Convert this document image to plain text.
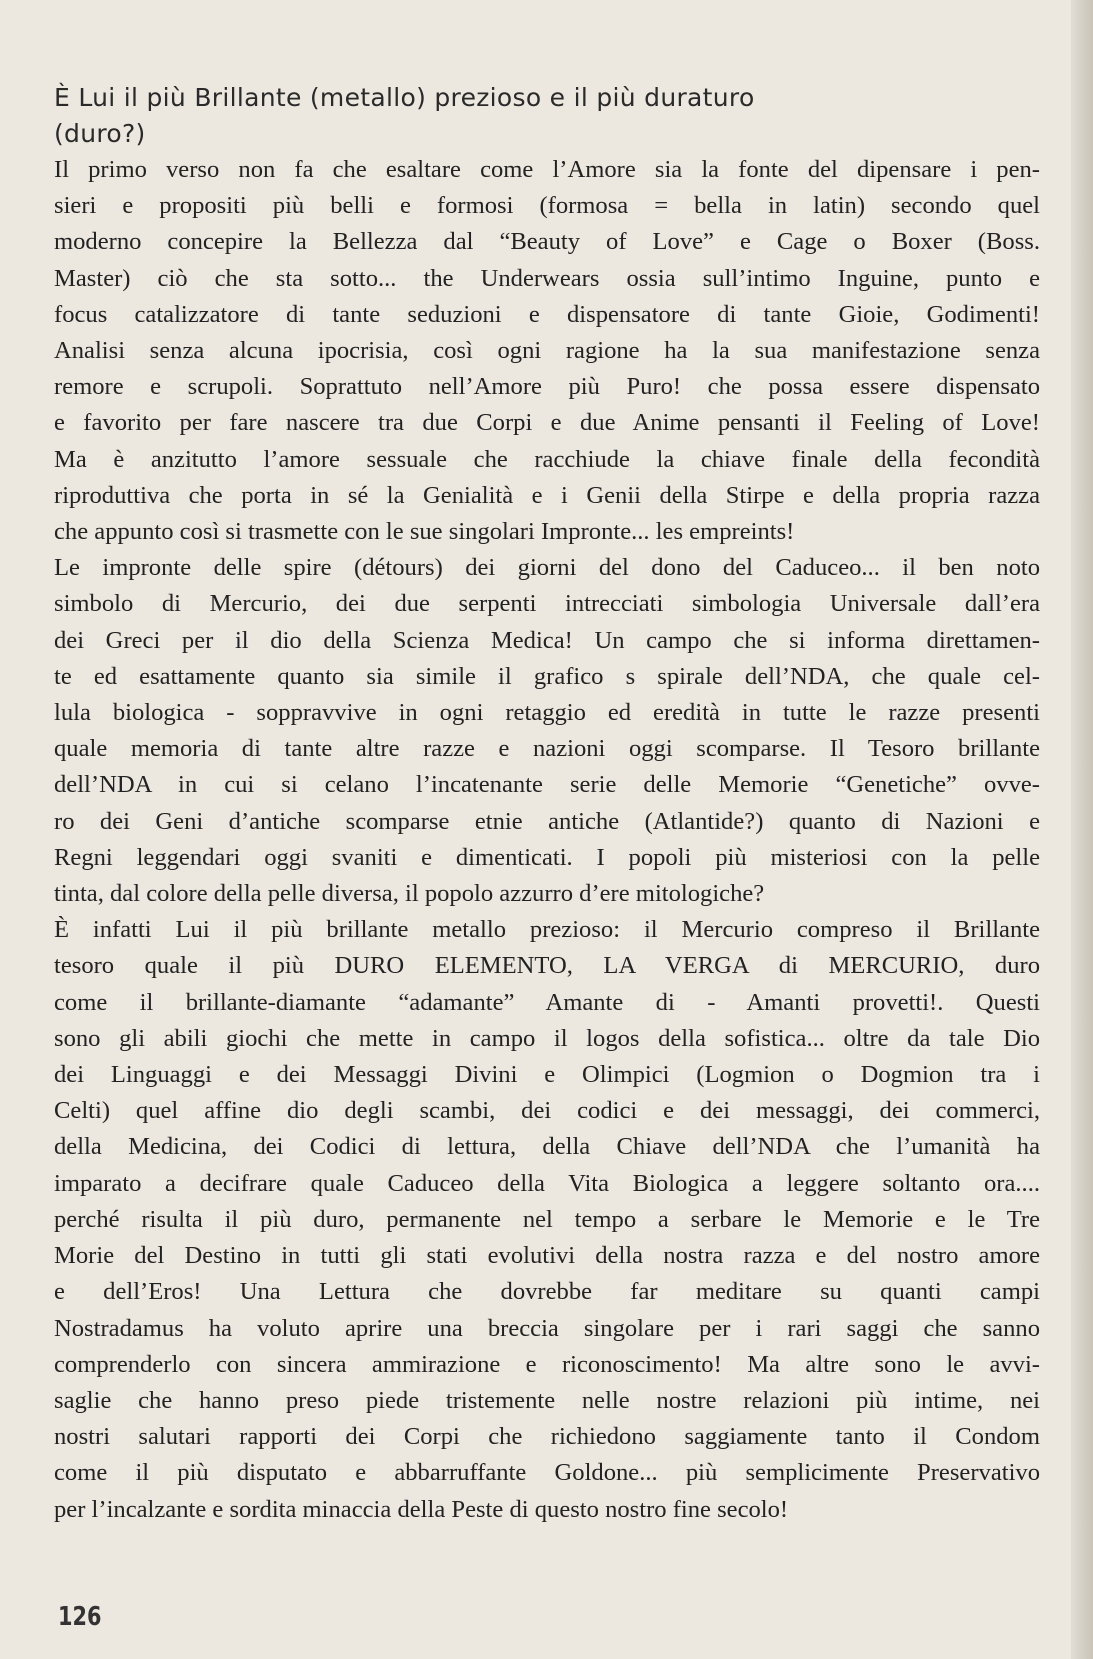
È Lui il più Brillante (metallo) prezioso e il più duraturo
(duro?)
Il primo verso non fa che esaltare come l’Amore sia la fonte del dipensare i pen-
sieri e propositi più belli e formosi (formosa = bella in latin) secondo quel
moderno concepire la Bellezza dal “Beauty of Love” e Cage o Boxer (Boss.
Master) ciò che sta sotto... the Underwears ossia sull’intimo Inguine, punto e
focus catalizzatore di tante seduzioni e dispensatore di tante Gioie, Godimenti!
Analisi senza alcuna ipocrisia, così ogni ragione ha la sua manifestazione senza
remore e scrupoli. Soprattuto nell’Amore più Puro! che possa essere dispensato
e favorito per fare nascere tra due Corpi e due Anime pensanti il Feeling of Love!
Ma è anzitutto l’amore sessuale che racchiude la chiave finale della fecondità
riproduttiva che porta in sé la Genialità e i Genii della Stirpe e della propria razza
che appunto così si trasmette con le sue singolari Impronte... les empreints!
Le impronte delle spire (détours) dei giorni del dono del Caduceo... il ben noto
simbolo di Mercurio, dei due serpenti intrecciati simbologia Universale dall’era
dei Greci per il dio della Scienza Medica! Un campo che si informa direttamen-
te ed esattamente quanto sia simile il grafico s spirale dell’NDA, che quale cel-
lula biologica - soppravvive in ogni retaggio ed eredità in tutte le razze presenti
quale memoria di tante altre razze e nazioni oggi scomparse. Il Tesoro brillante
dell’NDA in cui si celano l’incatenante serie delle Memorie “Genetiche” ovve-
ro dei Geni d’antiche scomparse etnie antiche (Atlantide?) quanto di Nazioni e
Regni leggendari oggi svaniti e dimenticati. I popoli più misteriosi con la pelle
tinta, dal colore della pelle diversa, il popolo azzurro d’ere mitologiche?
È infatti Lui il più brillante metallo prezioso: il Mercurio compreso il Brillante
tesoro quale il più DURO ELEMENTO, LA VERGA di MERCURIO, duro
come il brillante-diamante “adamante” Amante di - Amanti provetti!. Questi
sono gli abili giochi che mette in campo il logos della sofistica... oltre da tale Dio
dei Linguaggi e dei Messaggi Divini e Olimpici (Logmion o Dogmion tra i
Celti) quel affine dio degli scambi, dei codici e dei messaggi, dei commerci,
della Medicina, dei Codici di lettura, della Chiave dell’NDA che l’umanità ha
imparato a decifrare quale Caduceo della Vita Biologica a leggere soltanto ora....
perché risulta il più duro, permanente nel tempo a serbare le Memorie e le Tre
Morie del Destino in tutti gli stati evolutivi della nostra razza e del nostro amore
e dell’Eros! Una Lettura che dovrebbe far meditare su quanti campi
Nostradamus ha voluto aprire una breccia singolare per i rari saggi che sanno
comprenderlo con sincera ammirazione e riconoscimento! Ma altre sono le avvi-
saglie che hanno preso piede tristemente nelle nostre relazioni più intime, nei
nostri salutari rapporti dei Corpi che richiedono saggiamente tanto il Condom
come il più disputato e abbarruffante Goldone... più semplicimente Preservativo
per l’incalzante e sordita minaccia della Peste di questo nostro fine secolo!
126
